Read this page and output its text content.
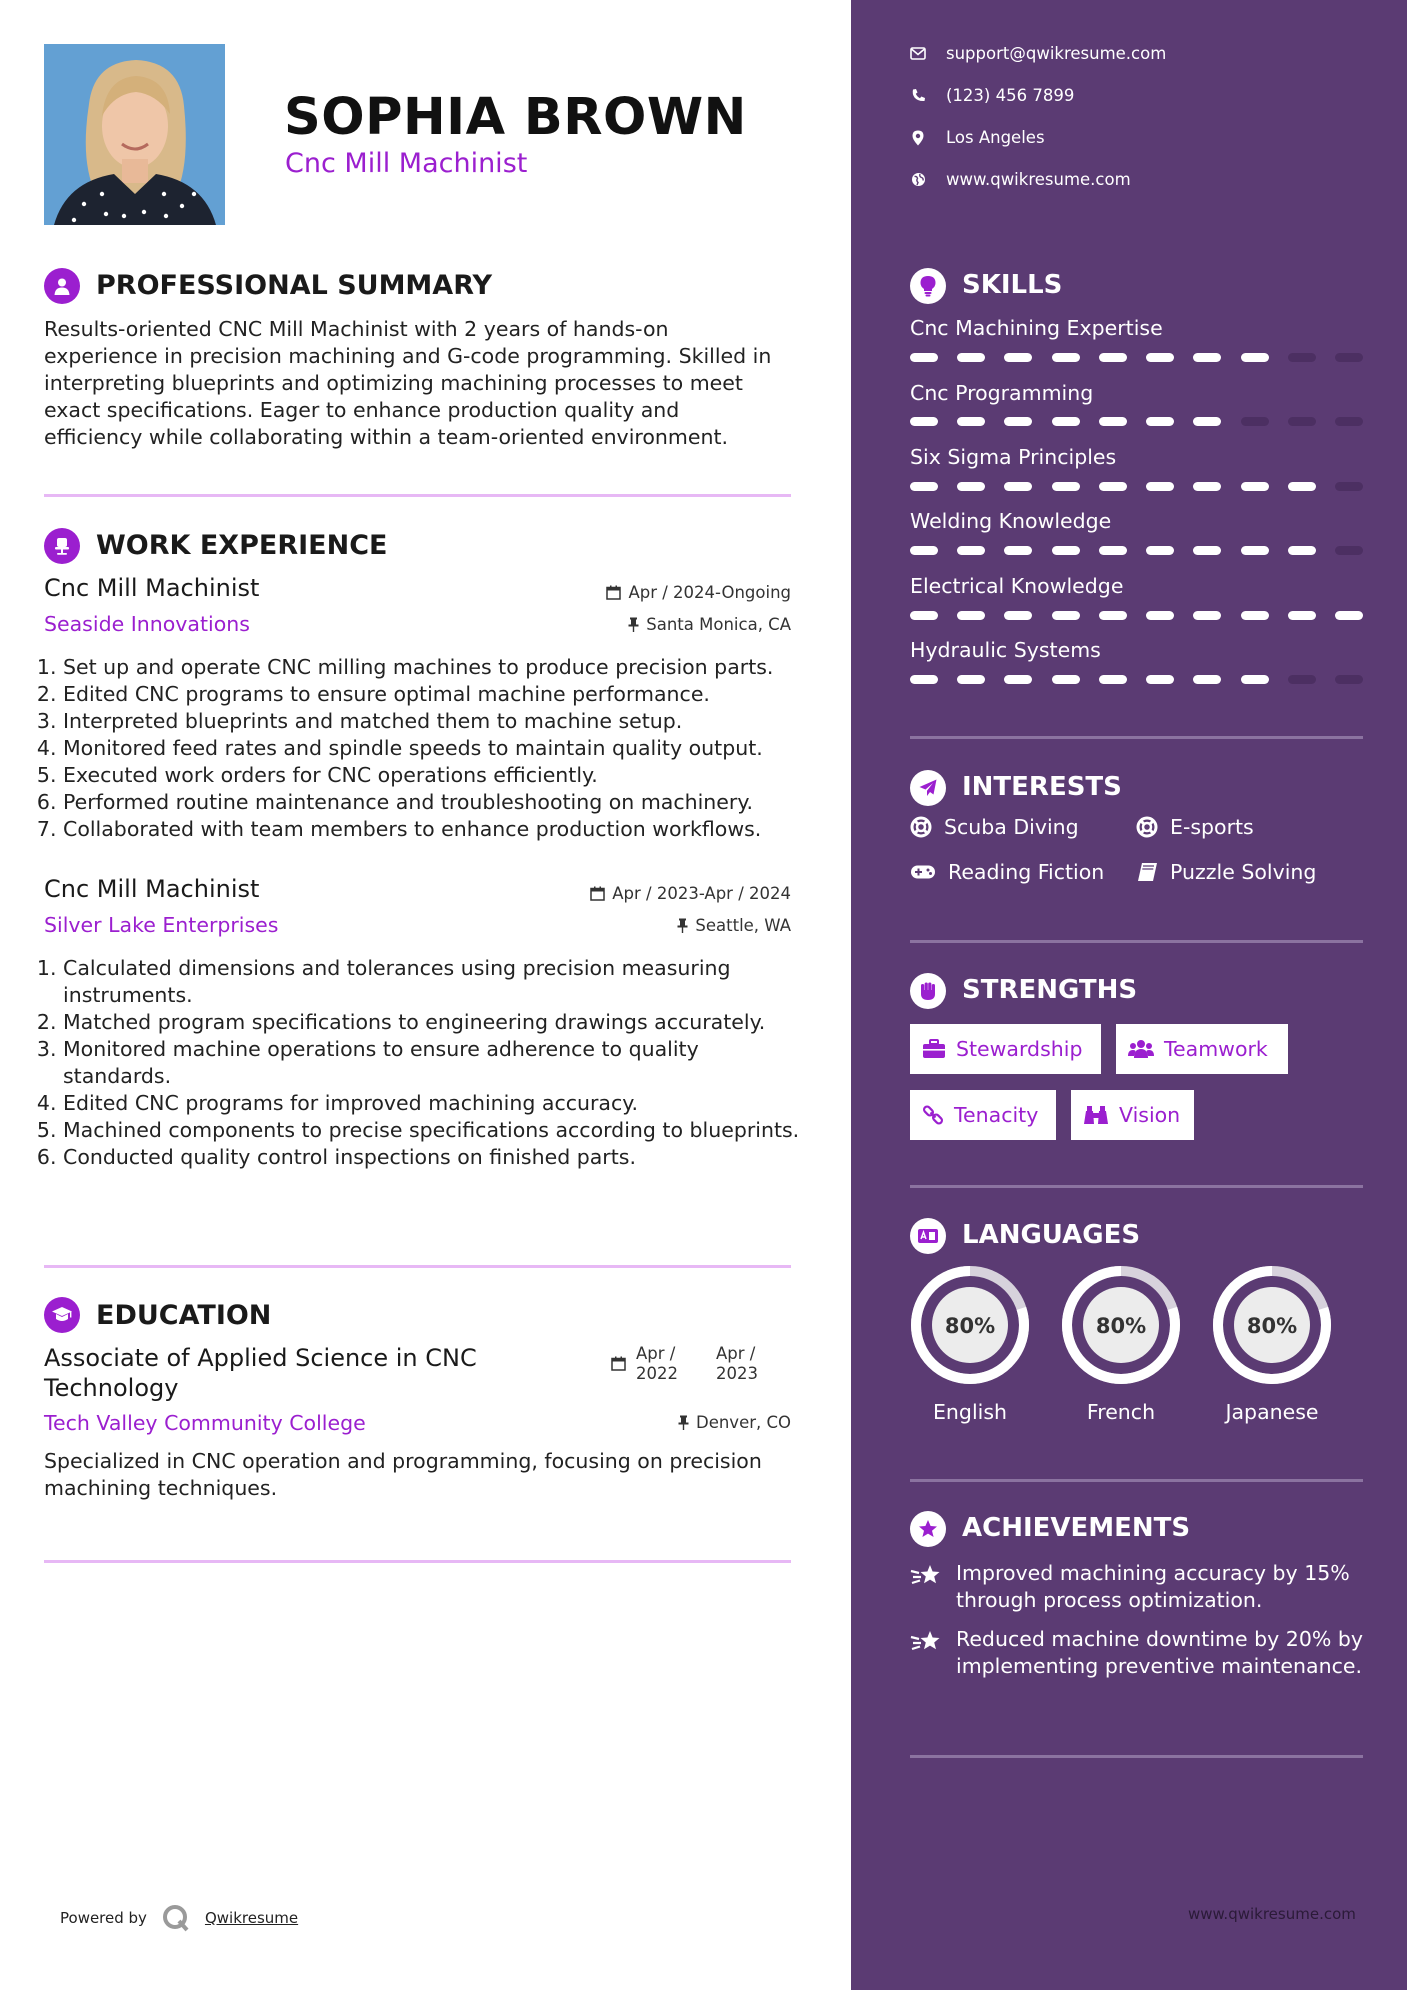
SOPHIA BROWN
Cnc Mill Machinist
PROFESSIONAL SUMMARY
Results-oriented CNC Mill Machinist with 2 years of hands-on experience in precision machining and G-code programming. Skilled in interpreting blueprints and optimizing machining processes to meet exact specifications. Eager to enhance production quality and efficiency while collaborating within a team-oriented environment.
WORK EXPERIENCE
Cnc Mill Machinist	Apr / 2024-Ongoing
Seaside Innovations	Santa Monica, CA
1. Set up and operate CNC milling machines to produce precision parts.
2. Edited CNC programs to ensure optimal machine performance.
3. Interpreted blueprints and matched them to machine setup.
4. Monitored feed rates and spindle speeds to maintain quality output.
5. Executed work orders for CNC operations efficiently.
6. Performed routine maintenance and troubleshooting on machinery.
7. Collaborated with team members to enhance production workflows.
Cnc Mill Machinist	Apr / 2023-Apr / 2024
Silver Lake Enterprises	Seattle, WA
1. Calculated dimensions and tolerances using precision measuring instruments.
2. Matched program specifications to engineering drawings accurately.
3. Monitored machine operations to ensure adherence to quality standards.
4. Edited CNC programs for improved machining accuracy.
5. Machined components to precise specifications according to blueprints.
6. Conducted quality control inspections on finished parts.
EDUCATION
Associate of Applied Science in CNC Technology
Apr / 2022
Apr / 2023
Tech Valley Community College	Denver, CO
Specialized in CNC operation and programming, focusing on precision machining techniques.
Powered by	Qwikresume
support@qwikresume.com
(123) 456 7899
Los Angeles
www.qwikresume.com
SKILLS
Cnc Machining Expertise
Cnc Programming
Six Sigma Principles
Welding Knowledge
Electrical Knowledge
Hydraulic Systems
INTERESTS
Scuba Diving	E-sports
Reading Fiction	Puzzle Solving
STRENGTHS
Stewardship	Teamwork
Tenacity	Vision
LANGUAGES
80%
English
80%
French
80%
Japanese
ACHIEVEMENTS
Improved machining accuracy by 15% through process optimization.
Reduced machine downtime by 20% by implementing preventive maintenance.
www.qwikresume.com
